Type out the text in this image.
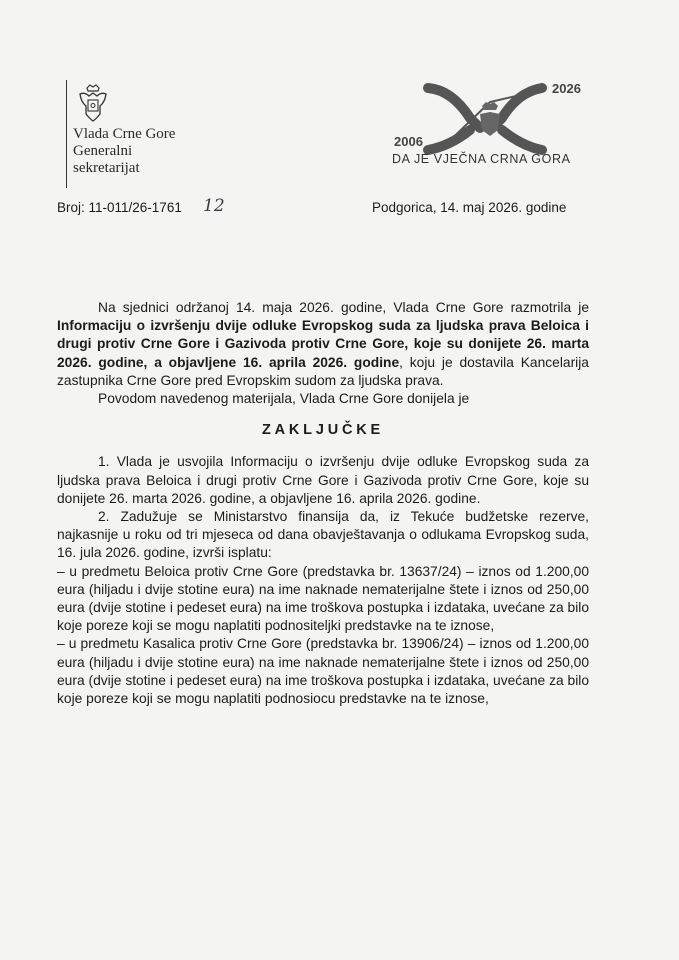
Vlada Crne Gore
Generalni
sekretarijat
2006
2026
DA JE VJEČNA CRNA GORA
Broj: 11-011/26-1761 12	Podgorica, 14. maj 2026. godine

Na sjednici održanoj 14. maja 2026. godine, Vlada Crne Gore razmotrila je Informaciju o izvršenju dvije odluke Evropskog suda za ljudska prava Beloica i drugi protiv Crne Gore i Gazivoda protiv Crne Gore, koje su donijete 26. marta 2026. godine, a objavljene 16. aprila 2026. godine, koju je dostavila Kancelarija zastupnika Crne Gore pred Evropskim sudom za ljudska prava.

Povodom navedenog materijala, Vlada Crne Gore donijela je

ZAKLJUČKE

1. Vlada je usvojila Informaciju o izvršenju dvije odluke Evropskog suda za ljudska prava Beloica i drugi protiv Crne Gore i Gazivoda protiv Crne Gore, koje su donijete 26. marta 2026. godine, a objavljene 16. aprila 2026. godine.

2. Zadužuje se Ministarstvo finansija da, iz Tekuće budžetske rezerve, najkasnije u roku od tri mjeseca od dana obavještavanja o odlukama Evropskog suda, 16. jula 2026. godine, izvrši isplatu:

– u predmetu Beloica protiv Crne Gore (predstavka br. 13637/24) – iznos od 1.200,00 eura (hiljadu i dvije stotine eura) na ime naknade nematerijalne štete i iznos od 250,00 eura (dvije stotine i pedeset eura) na ime troškova postupka i izdataka, uvećane za bilo koje poreze koji se mogu naplatiti podnositeljki predstavke na te iznose,

– u predmetu Kasalica protiv Crne Gore (predstavka br. 13906/24) – iznos od 1.200,00 eura (hiljadu i dvije stotine eura) na ime naknade nematerijalne štete i iznos od 250,00 eura (dvije stotine i pedeset eura) na ime troškova postupka i izdataka, uvećane za bilo koje poreze koji se mogu naplatiti podnosiocu predstavke na te iznose,
